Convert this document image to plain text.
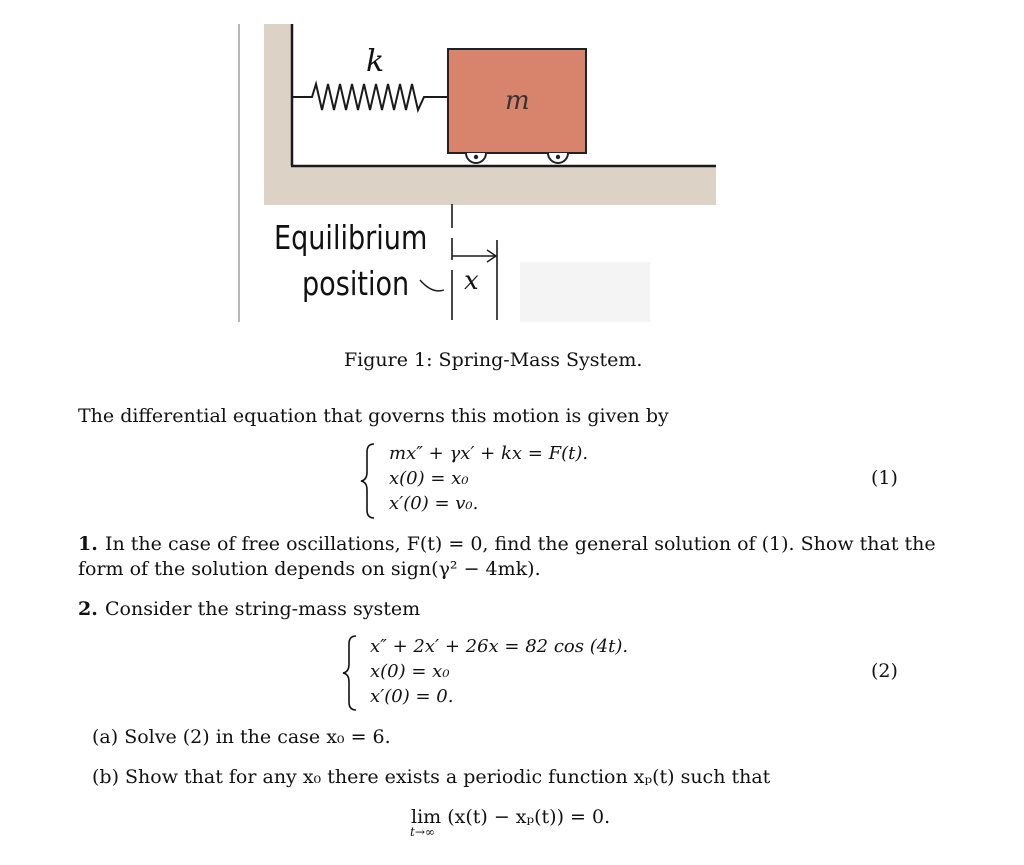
k
m
Equilibrium
position x
Figure 1: Spring-Mass System.
The differential equation that governs this motion is given by
mx″ + γx′ + kx = F(t).
x(0) = x₀
x′(0) = v₀.
(1)
1. In the case of free oscillations, F(t) = 0, find the general solution of (1). Show that the
form of the solution depends on sign(γ² − 4mk).
2. Consider the string-mass system
x″ + 2x′ + 26x = 82 cos (4t).
x(0) = x₀
x′(0) = 0.
(2)
(a) Solve (2) in the case x₀ = 6.
(b) Show that for any x₀ there exists a periodic function xₚ(t) such that
lim (x(t) − xₚ(t)) = 0.
t→∞
